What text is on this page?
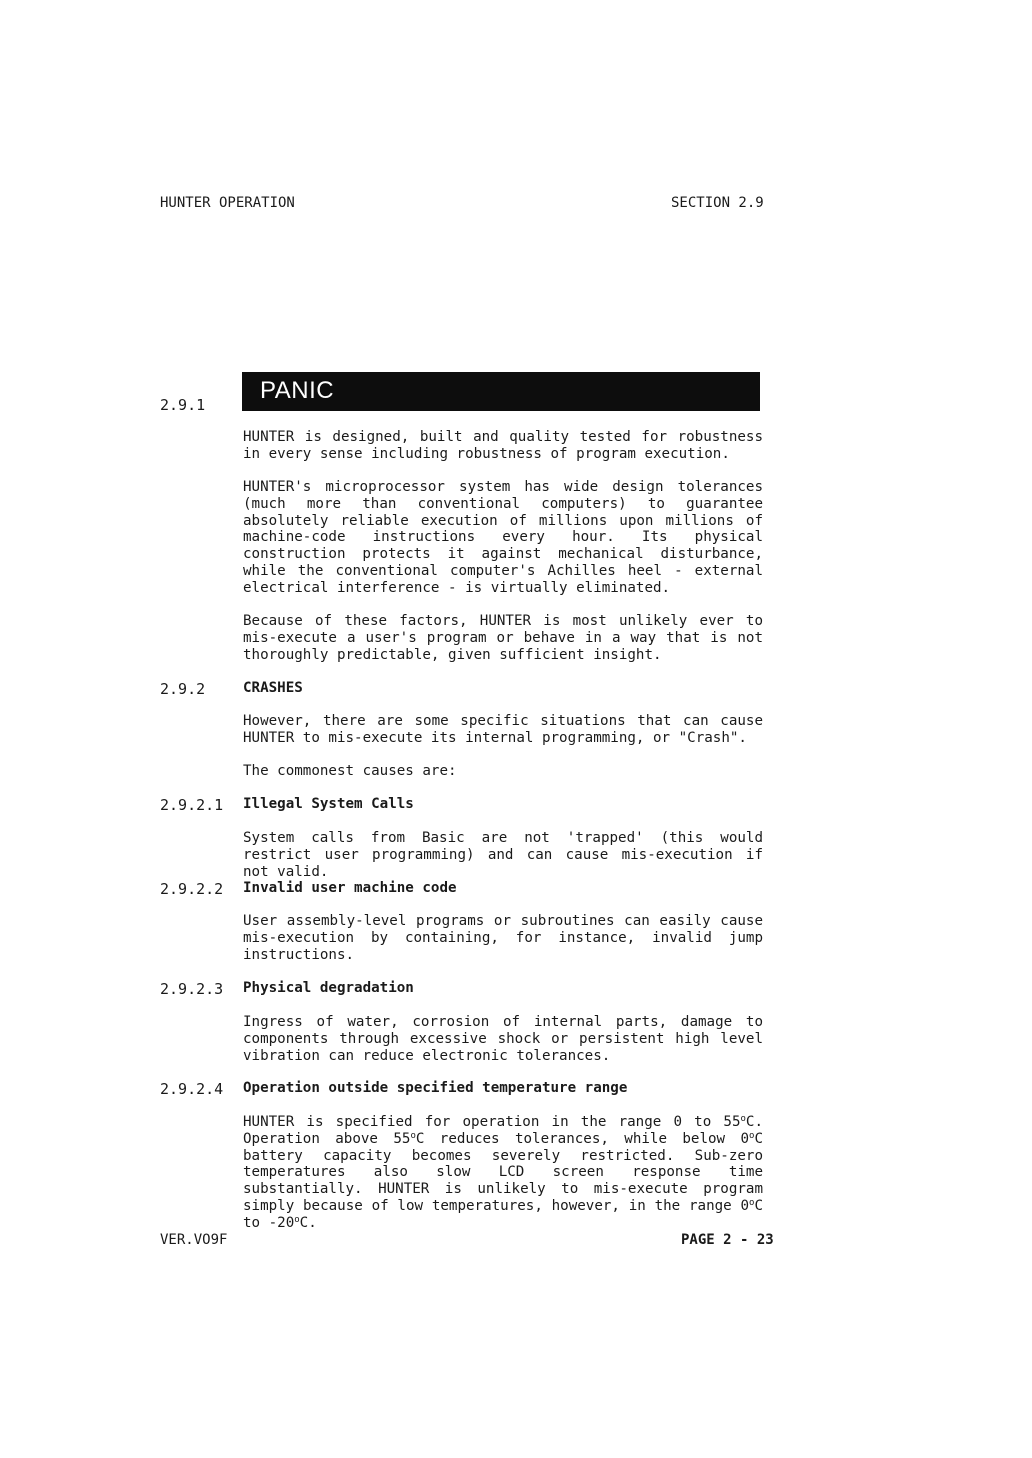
HUNTER OPERATION	SECTION 2.9
2.9.1
PANIC
HUNTER is designed, built and quality tested for robustness in every sense including robustness of program execution.
HUNTER's microprocessor system has wide design tolerances (much more than conventional computers) to guarantee absolutely reliable execution of millions upon millions of machine-code instructions every hour. Its physical construction protects it against mechanical disturbance, while the conventional computer's Achilles heel - external electrical interference - is virtually eliminated.
Because of these factors, HUNTER is most unlikely ever to mis-execute a user's program or behave in a way that is not thoroughly predictable, given sufficient insight.
2.9.2	CRASHES
However, there are some specific situations that can cause HUNTER to mis-execute its internal programming, or "Crash".
The commonest causes are:
2.9.2.1 Illegal System Calls
System calls from Basic are not 'trapped' (this would restrict user programming) and can cause mis-execution if not valid.
2.9.2.2 Invalid user machine code
User assembly-level programs or subroutines can easily cause mis-execution by containing, for instance, invalid jump instructions.
2.9.2.3 Physical degradation
Ingress of water, corrosion of internal parts, damage to components through excessive shock or persistent high level vibration can reduce electronic tolerances.
2.9.2.4 Operation outside specified temperature range
HUNTER is specified for operation in the range 0 to 55$^o$C. Operation above 55$^o$C reduces tolerances, while below 0$^o$C battery capacity becomes severely restricted. Sub-zero temperatures also slow LCD screen response time substantially. HUNTER is unlikely to mis-execute program simply because of low temperatures, however, in the range 0$^o$C to -20$^o$C.
VER.VO9F	PAGE 2 - 23
